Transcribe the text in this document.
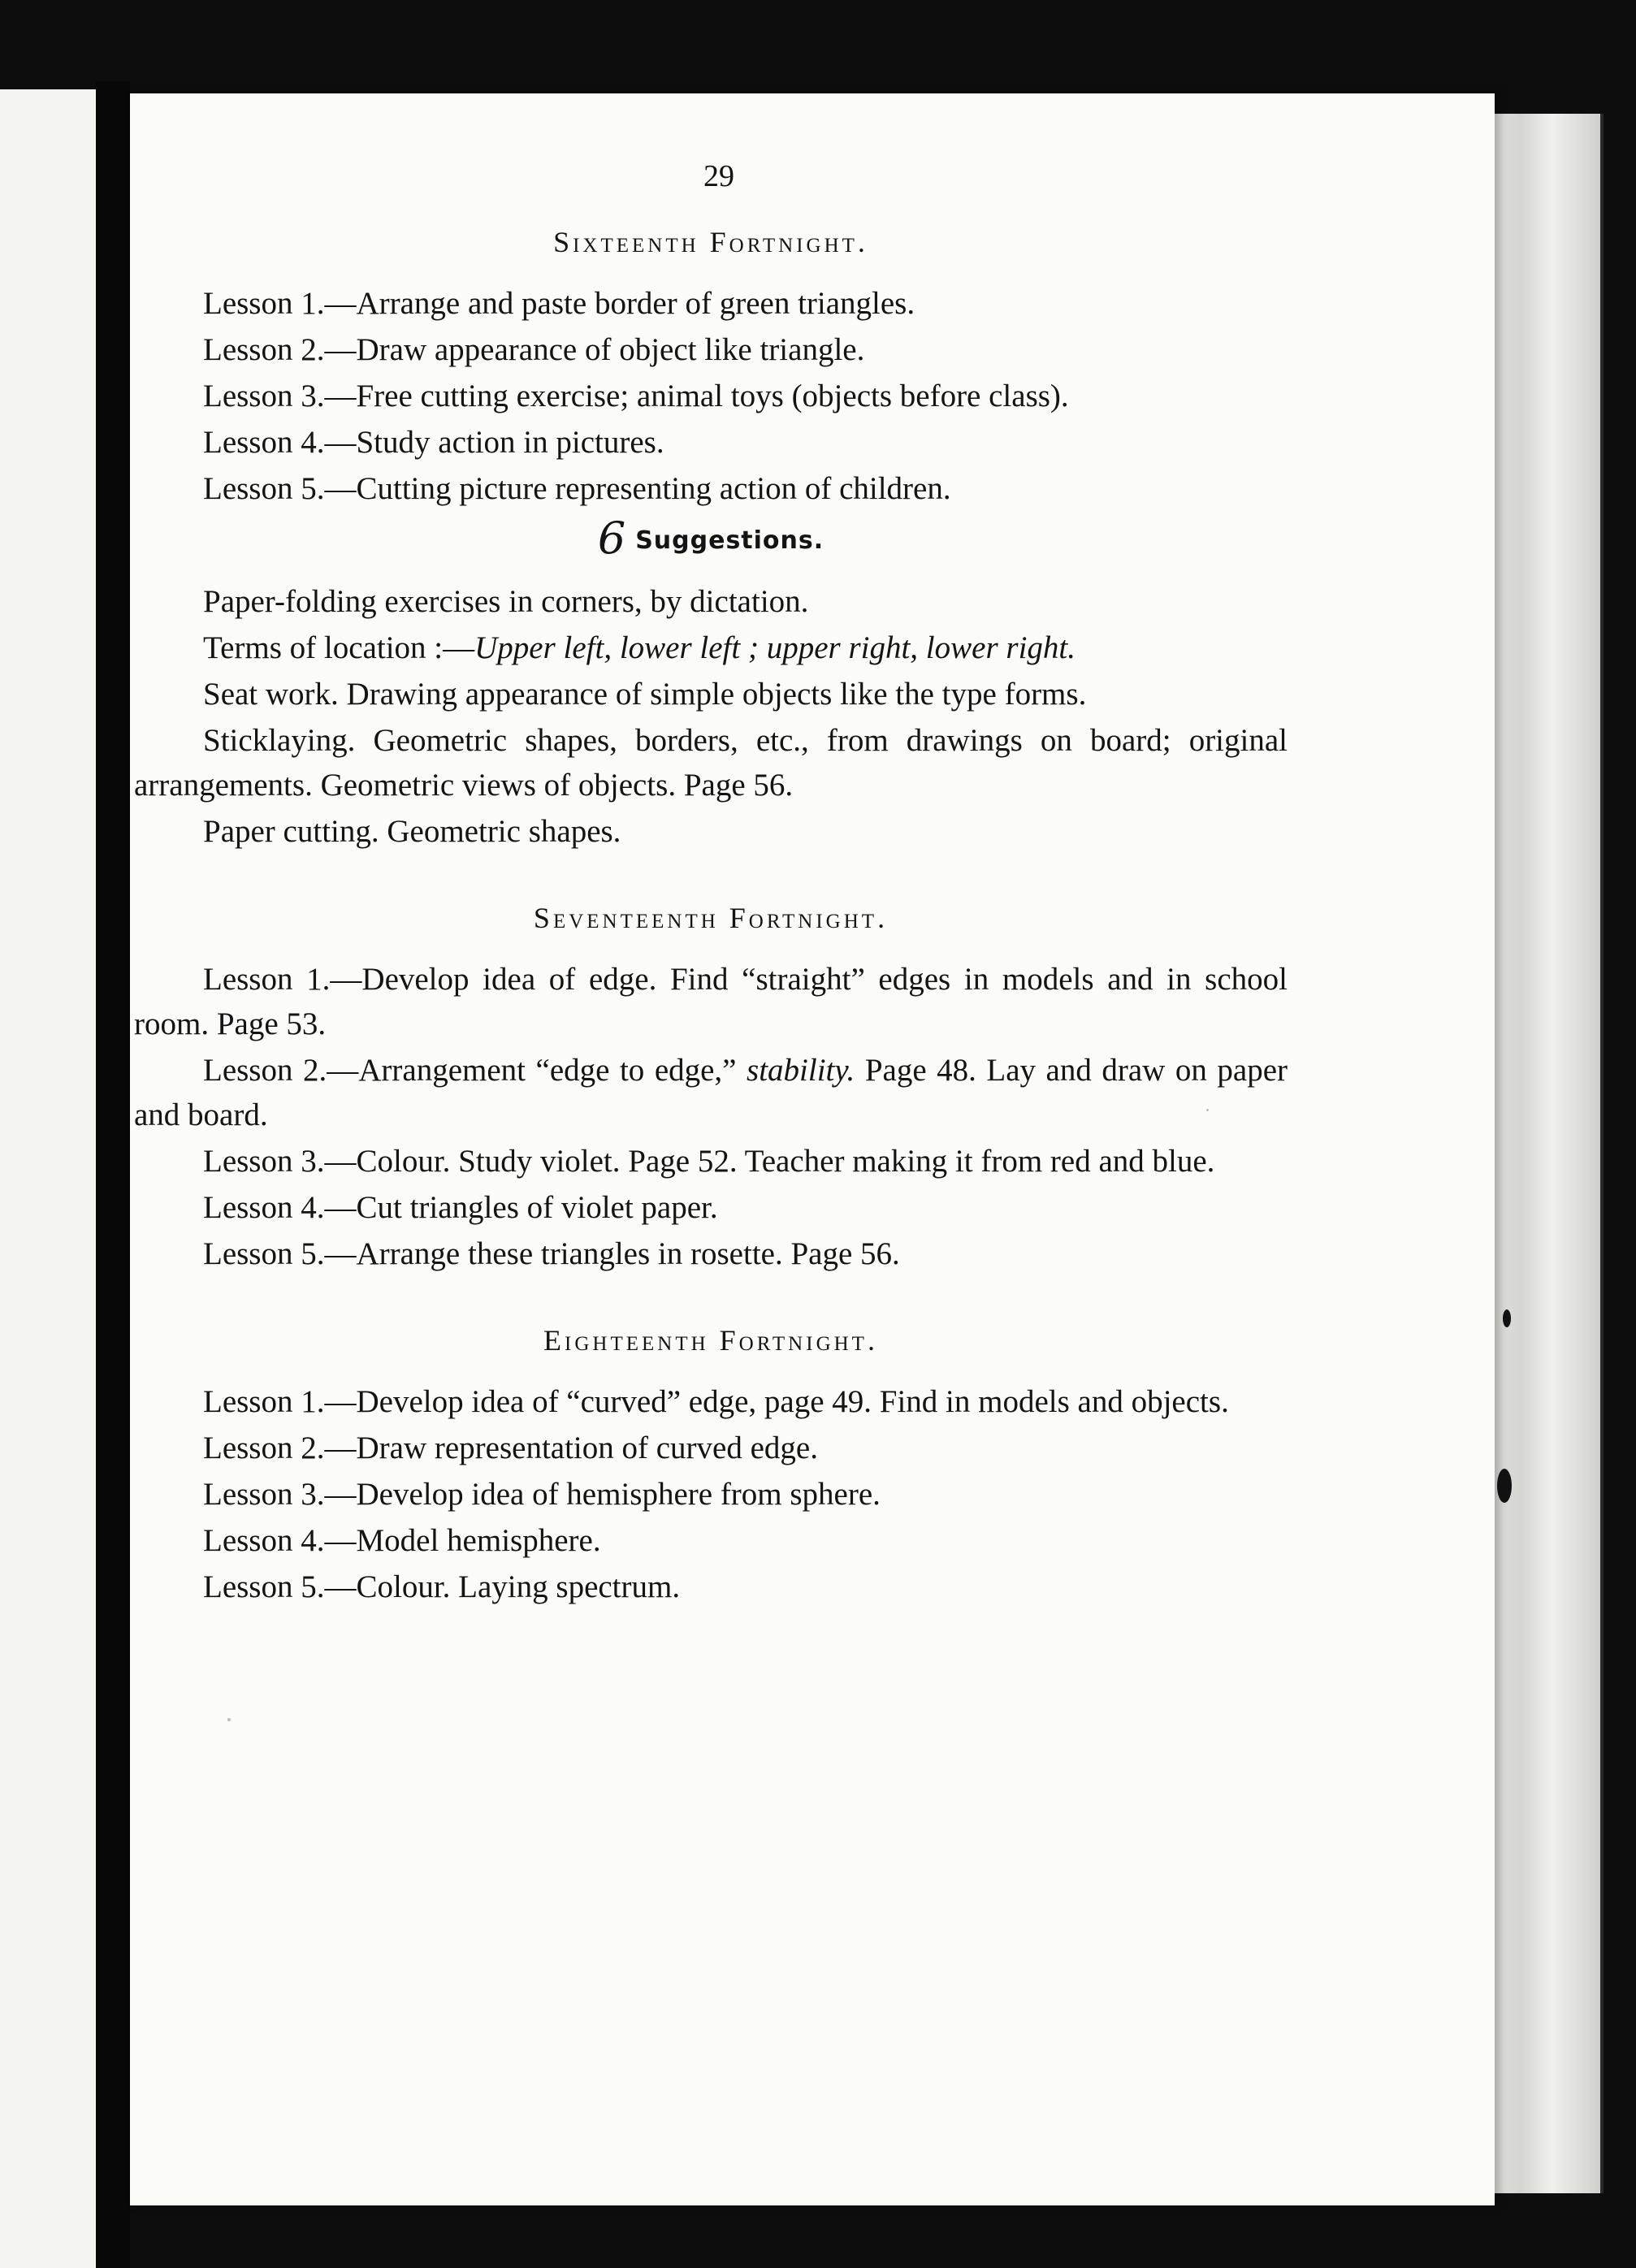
29
Sixteenth Fortnight.

Lesson 1.—Arrange and paste border of green triangles.

Lesson 2.—Draw appearance of object like triangle.

Lesson 3.—Free cutting exercise; animal toys (objects before class).

Lesson 4.—Study action in pictures.

Lesson 5.—Cutting picture representing action of children.

6 Suggestions.

Paper-folding exercises in corners, by dictation.

Terms of location :—Upper left, lower left ; upper right, lower right.

Seat work. Drawing appearance of simple objects like the type forms.

Sticklaying. Geometric shapes, borders, etc., from drawings on board; original arrangements. Geometric views of objects. Page 56.

Paper cutting. Geometric shapes.

Seventeenth Fortnight.

Lesson 1.—Develop idea of edge. Find “straight” edges in models and in school room. Page 53.

Lesson 2.—Arrangement “edge to edge,” stability. Page 48. Lay and draw on paper and board.

Lesson 3.—Colour. Study violet. Page 52. Teacher making it from red and blue.

Lesson 4.—Cut triangles of violet paper.

Lesson 5.—Arrange these triangles in rosette. Page 56.

Eighteenth Fortnight.

Lesson 1.—Develop idea of “curved” edge, page 49. Find in models and objects.

Lesson 2.—Draw representation of curved edge.

Lesson 3.—Develop idea of hemisphere from sphere.

Lesson 4.—Model hemisphere.

Lesson 5.—Colour. Laying spectrum.
